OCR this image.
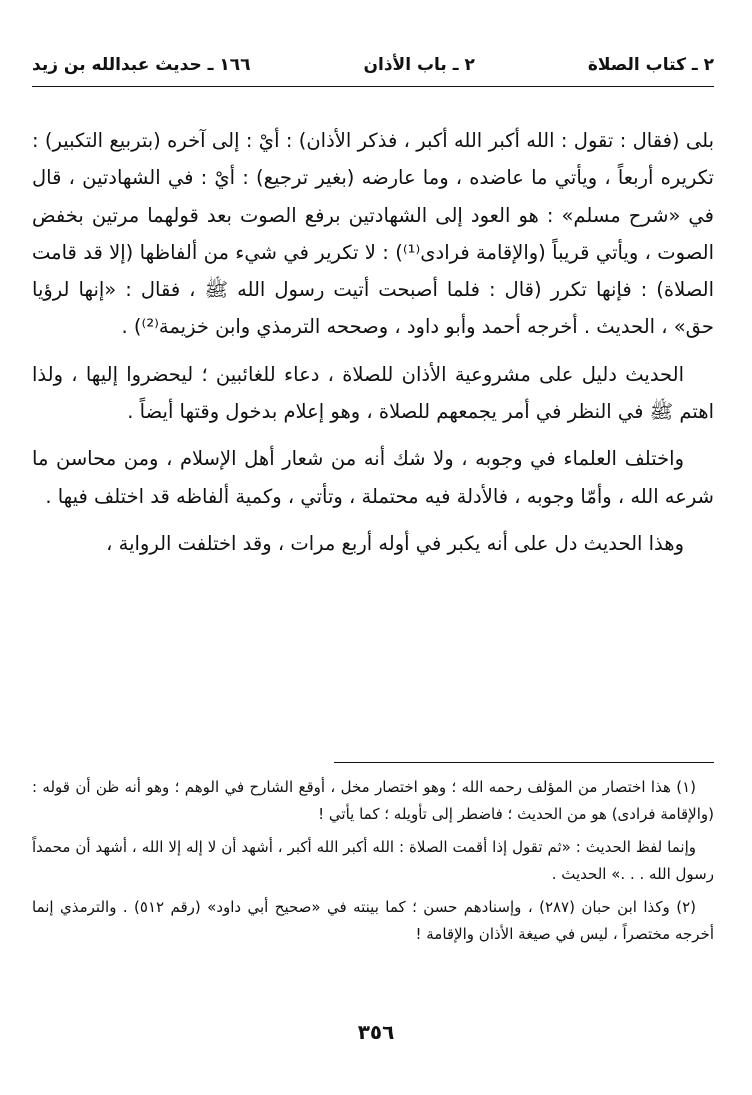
٢ ـ كتاب الصلاة
٢ ـ باب الأذان
١٦٦ ـ حديث عبدالله بن زيد

بلى (فقال : تقول : الله أكبر الله أكبر ، فذكر الأذان) : أيْ : إلى آخره (بتربيع التكبير) : تكريره أربعاً ، ويأتي ما عاضده ، وما عارضه (بغير ترجيع) : أيْ : في الشهادتين ، قال في «شرح مسلم» : هو العود إلى الشهادتين برفع الصوت بعد قولهما مرتين بخفض الصوت ، ويأتي قريباً (والإقامة فرادى⁽¹⁾) : لا تكرير في شيء من ألفاظها (إلا قد قامت الصلاة) : فإنها تكرر (قال : فلما أصبحت أتيت رسول الله ﷺ ، فقال : «إنها لرؤيا حق» ، الحديث . أخرجه أحمد وأبو داود ، وصححه الترمذي وابن خزيمة⁽²⁾) .

الحديث دليل على مشروعية الأذان للصلاة ، دعاء للغائبين ؛ ليحضروا إليها ، ولذا اهتم ﷺ في النظر في أمر يجمعهم للصلاة ، وهو إعلام بدخول وقتها أيضاً .

واختلف العلماء في وجوبه ، ولا شك أنه من شعار أهل الإسلام ، ومن محاسن ما شرعه الله ، وأمّا وجوبه ، فالأدلة فيه محتملة ، وتأتي ، وكمية ألفاظه قد اختلف فيها .

وهذا الحديث دل على أنه يكبر في أوله أربع مرات ، وقد اختلفت الرواية ،

(١) هذا اختصار من المؤلف رحمه الله ؛ وهو اختصار مخل ، أوقع الشارح في الوهم ؛ وهو أنه ظن أن قوله : (والإقامة فرادى) هو من الحديث ؛ فاضطر إلى تأويله ؛ كما يأتي !

وإنما لفظ الحديث : «ثم تقول إذا أقمت الصلاة : الله أكبر الله أكبر ، أشهد أن لا إله إلا الله ، أشهد أن محمداً رسول الله . . .» الحديث .

(٢) وكذا ابن حبان (٢٨٧) ، وإسنادهم حسن ؛ كما بينته في «صحيح أبي داود» (رقم ٥١٢) . والترمذي إنما أخرجه مختصراً ، ليس في صيغة الأذان والإقامة !

٣٥٦
